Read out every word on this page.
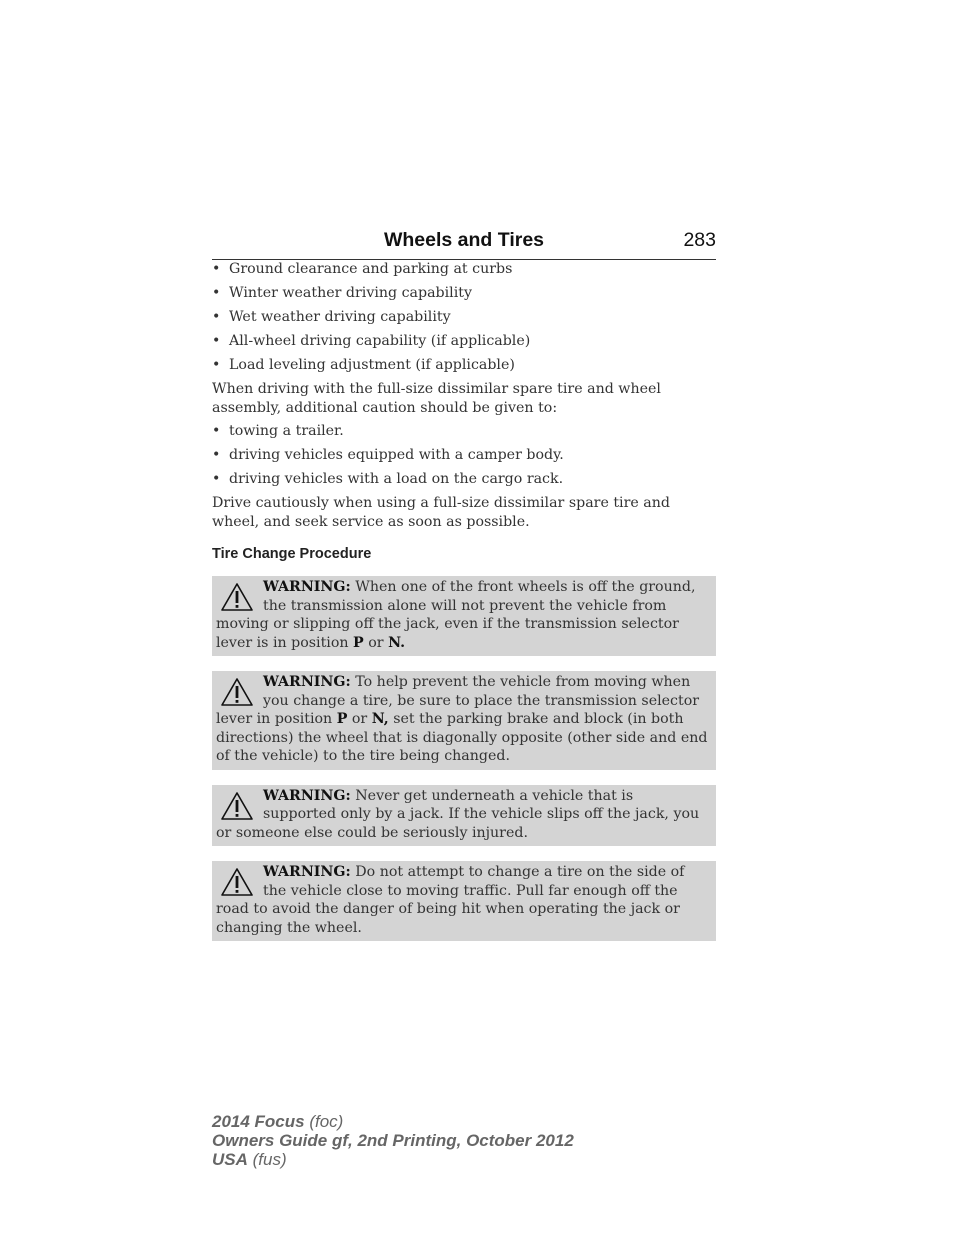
Wheels and Tires	283
• Ground clearance and parking at curbs
• Winter weather driving capability
• Wet weather driving capability
• All-wheel driving capability (if applicable)
• Load leveling adjustment (if applicable)

When driving with the full-size dissimilar spare tire and wheel assembly, additional caution should be given to:

• towing a trailer.
• driving vehicles equipped with a camper body.
• driving vehicles with a load on the cargo rack.

Drive cautiously when using a full-size dissimilar spare tire and wheel, and seek service as soon as possible.

Tire Change Procedure
WARNING: When one of the front wheels is off the ground, the transmission alone will not prevent the vehicle from moving or slipping off the jack, even if the transmission selector lever is in position P or N.
WARNING: To help prevent the vehicle from moving when you change a tire, be sure to place the transmission selector lever in position P or N, set the parking brake and block (in both directions) the wheel that is diagonally opposite (other side and end of the vehicle) to the tire being changed.
WARNING: Never get underneath a vehicle that is supported only by a jack. If the vehicle slips off the jack, you or someone else could be seriously injured.
WARNING: Do not attempt to change a tire on the side of the vehicle close to moving traffic. Pull far enough off the road to avoid the danger of being hit when operating the jack or changing the wheel.
2014 Focus (foc)
Owners Guide gf, 2nd Printing, October 2012
USA (fus)
